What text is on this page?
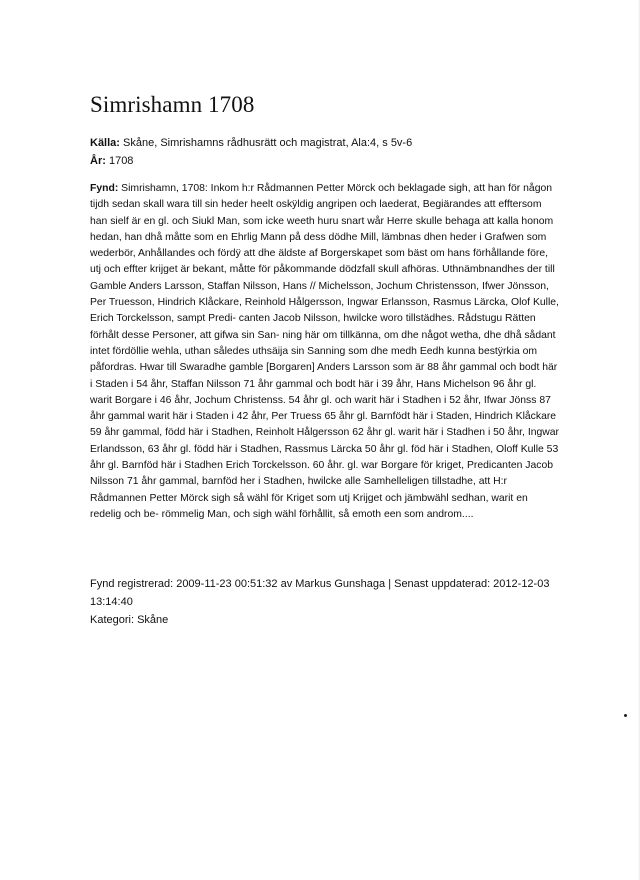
Simrishamn 1708
Källa: Skåne, Simrishamns rådhusrätt och magistrat, Ala:4, s 5v-6
År: 1708

Fynd: Simrishamn, 1708: Inkom h:r Rådmannen Petter Mörck och beklagade sigh, att han för någon tijdh sedan skall wara till sin heder heelt oskÿldig angripen och laederat, Begiärandes att efftersom han sielf är en gl. och Siukl Man, som icke weeth huru snart wår Herre skulle behaga att kalla honom hedan, han dhå måtte som en Ehrlig Mann på dess dödhe Mill, lämbnas dhen heder i Grafwen som wederbör, Anhållandes och fördÿ att dhe äldste af Borgerskapet som bäst om hans förhållande före, utj och effter krijget är bekant, måtte för påkommande dödzfall skull afhöras. Uthnämbnandhes der till Gamble Anders Larsson, Staffan Nilsson, Hans // Michelsson, Jochum Christensson, Ifwer Jönsson, Per Truesson, Hindrich Klåckare, Reinhold Hålgersson, Ingwar Erlansson, Rasmus Lärcka, Olof Kulle, Erich Torckelsson, sampt Predi- canten Jacob Nilsson, hwilcke woro tillstädhes. Rådstugu Rätten förhålt desse Personer, att gifwa sin San- ning här om tillkänna, om dhe något wetha, dhe dhå sådant intet fördöllie wehla, uthan således uthsäija sin Sanning som dhe medh Eedh kunna bestÿrkia om påfordras. Hwar till Swaradhe gamble [Borgaren] Anders Larsson som är 88 åhr gammal och bodt här i Staden i 54 åhr, Staffan Nilsson 71 åhr gammal och bodt här i 39 åhr, Hans Michelson 96 åhr gl. warit Borgare i 46 åhr, Jochum Christenss. 54 åhr gl. och warit här i Stadhen i 52 åhr, Ifwar Jönss 87 åhr gammal warit här i Staden i 42 åhr, Per Truess 65 åhr gl. Barnfödt här i Staden, Hindrich Klåckare 59 åhr gammal, född här i Stadhen, Reinholt Hålgersson 62 åhr gl. warit här i Stadhen i 50 åhr, Ingwar Erlandsson, 63 åhr gl. född här i Stadhen, Rassmus Lärcka 50 åhr gl. föd här i Stadhen, Oloff Kulle 53 åhr gl. Barnföd här i Stadhen Erich Torckelsson. 60 åhr. gl. war Borgare för kriget, Predicanten Jacob Nilsson 71 åhr gammal, barnföd her i Stadhen, hwilcke alle Samhelleligen tillstadhe, att H:r Rådmannen Petter Mörck sigh så wähl för Kriget som utj Krijget och jämbwähl sedhan, warit en redelig och be- römmelig Man, och sigh wähl förhållit, så emoth een som androm....

Fynd registrerad: 2009-11-23 00:51:32 av Markus Gunshaga | Senast uppdaterad: 2012-12-03 13:14:40

Kategori: Skåne
